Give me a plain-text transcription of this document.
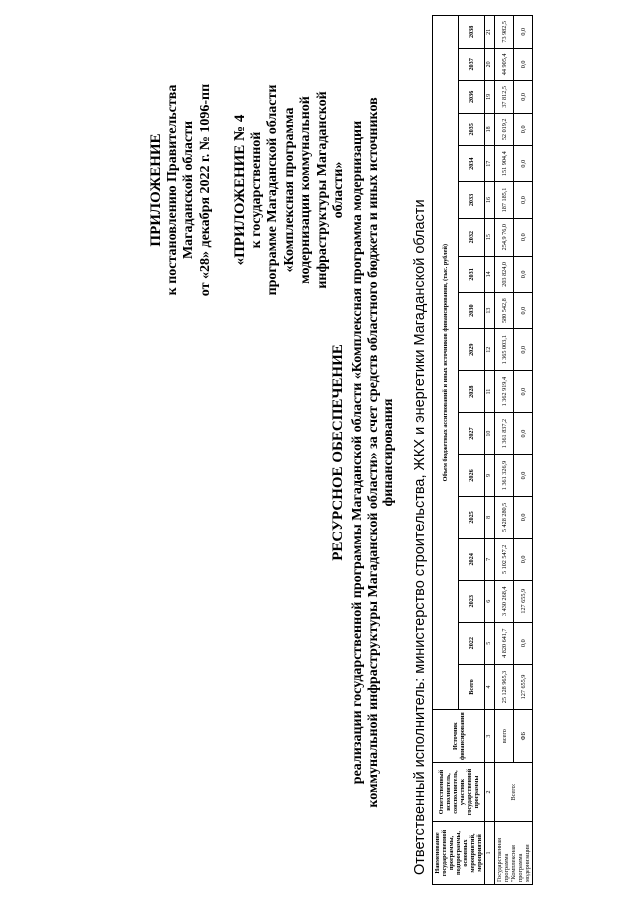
ПРИЛОЖЕНИЕ к постановлению Правительства Магаданской области от «28» декабря 2022 г. № 1096-пп «ПРИЛОЖЕНИЕ № 4 к государственной программе Магаданской области «Комплексная программа модернизации коммунальной инфраструктуры Магаданской области»
РЕСУРСНОЕ ОБЕСПЕЧЕНИЕ реализации государственной программы Магаданской области «Комплексная программа модернизации коммунальной инфраструктуры Магаданской области» за счет средств областного бюджета и иных источников финансирования Ответственный исполнитель: министерство строительства, ЖКХ и энергетики Магаданской области Наименование государственной программы, подпрограммы, основных мероприятий, мероприятий	Ответственный исполнитель, соисполнитель, участник государственной программы	Источник финансирования	Объем бюджетных ассигнований и иных источников финансирования, (тыс. рублей)																	
			Всего	2022	2023	2024	2025	2026	2027	2028	2029	2030	2031	2032	2033	2034	2035	2036	2037	2038
1	2	3	4	5	6	7	8	9	10	11	12	13	14	15	16	17	18	19	20	21
Государственная программа "Комплексная программа модернизации	Всего:	всего	25 128 965,3	4 820 641,7	3 430 268,4	5 102 547,2	5 428 280,5	1 361 326,9	1 361 837,2	1 362 919,4	1 365 003,1	580 542,8	203 824,0	254,9 76,0	187 185,1	151 904,4	52 019,2	37 812,5	44 905,4	73 982,5
		ФБ	127 655,9	0,0	127 655,9	0,0	0,0	0,0	0,0	0,0	0,0	0,0	0,0	0,0	0,0	0,0	0,0	0,0	0,0	0,0
